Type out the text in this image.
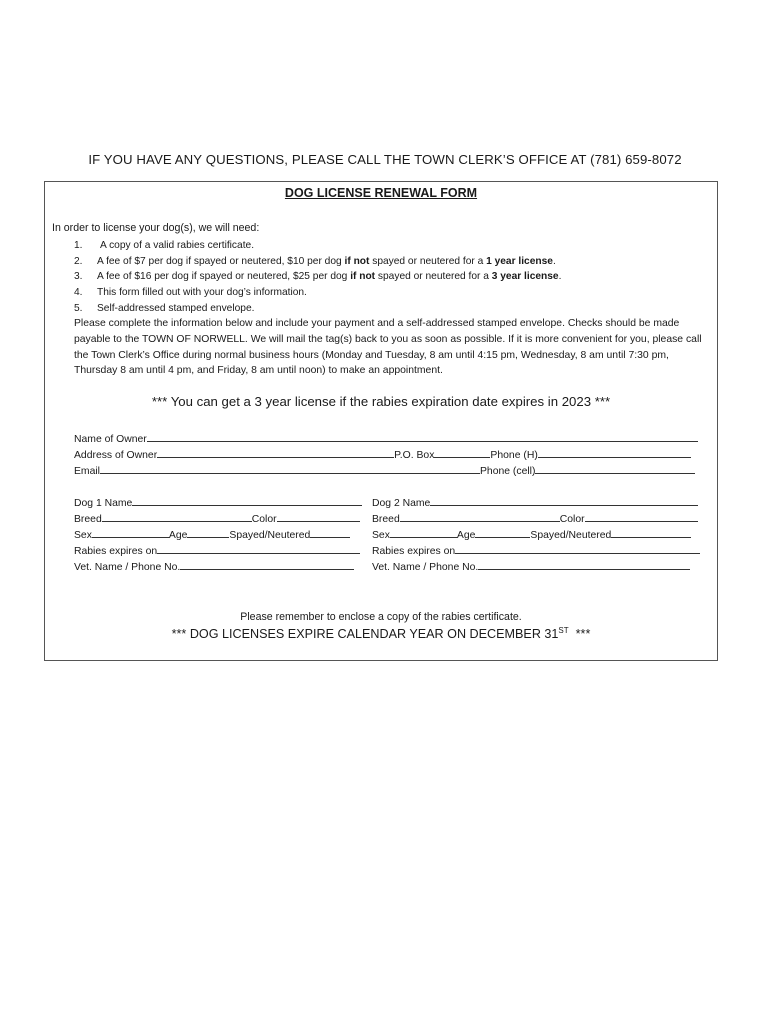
IF YOU HAVE ANY QUESTIONS, PLEASE CALL THE TOWN CLERK’S OFFICE AT (781) 659-8072
DOG LICENSE RENEWAL FORM
In order to license your dog(s), we will need:
1. A copy of a valid rabies certificate.
2. A fee of $7 per dog if spayed or neutered, $10 per dog if not spayed or neutered for a 1 year license.
3. A fee of $16 per dog if spayed or neutered, $25 per dog if not spayed or neutered for a 3 year license.
4. This form filled out with your dog’s information.
5. Self-addressed stamped envelope.
Please complete the information below and include your payment and a self-addressed stamped envelope. Checks should be made payable to the TOWN OF NORWELL. We will mail the tag(s) back to you as soon as possible. If it is more convenient for you, please call the Town Clerk’s Office during normal business hours (Monday and Tuesday, 8 am until 4:15 pm, Wednesday, 8 am until 7:30 pm, Thursday 8 am until 4 pm, and Friday, 8 am until noon) to make an appointment.
*** You can get a 3 year license if the rabies expiration date expires in 2023 ***
Name of Owner
Address of Owner	P.O. Box	Phone (H)
Email	Phone (cell)
Dog 1 Name	Dog 2 Name
Breed	Color	Breed	Color
Sex	Age	Spayed/Neutered	Sex	Age	Spayed/Neutered
Rabies expires on	Rabies expires on
Vet. Name / Phone No.	Vet. Name / Phone No.
Please remember to enclose a copy of the rabies certificate.
*** DOG LICENSES EXPIRE CALENDAR YEAR ON DECEMBER 31ST  ***
